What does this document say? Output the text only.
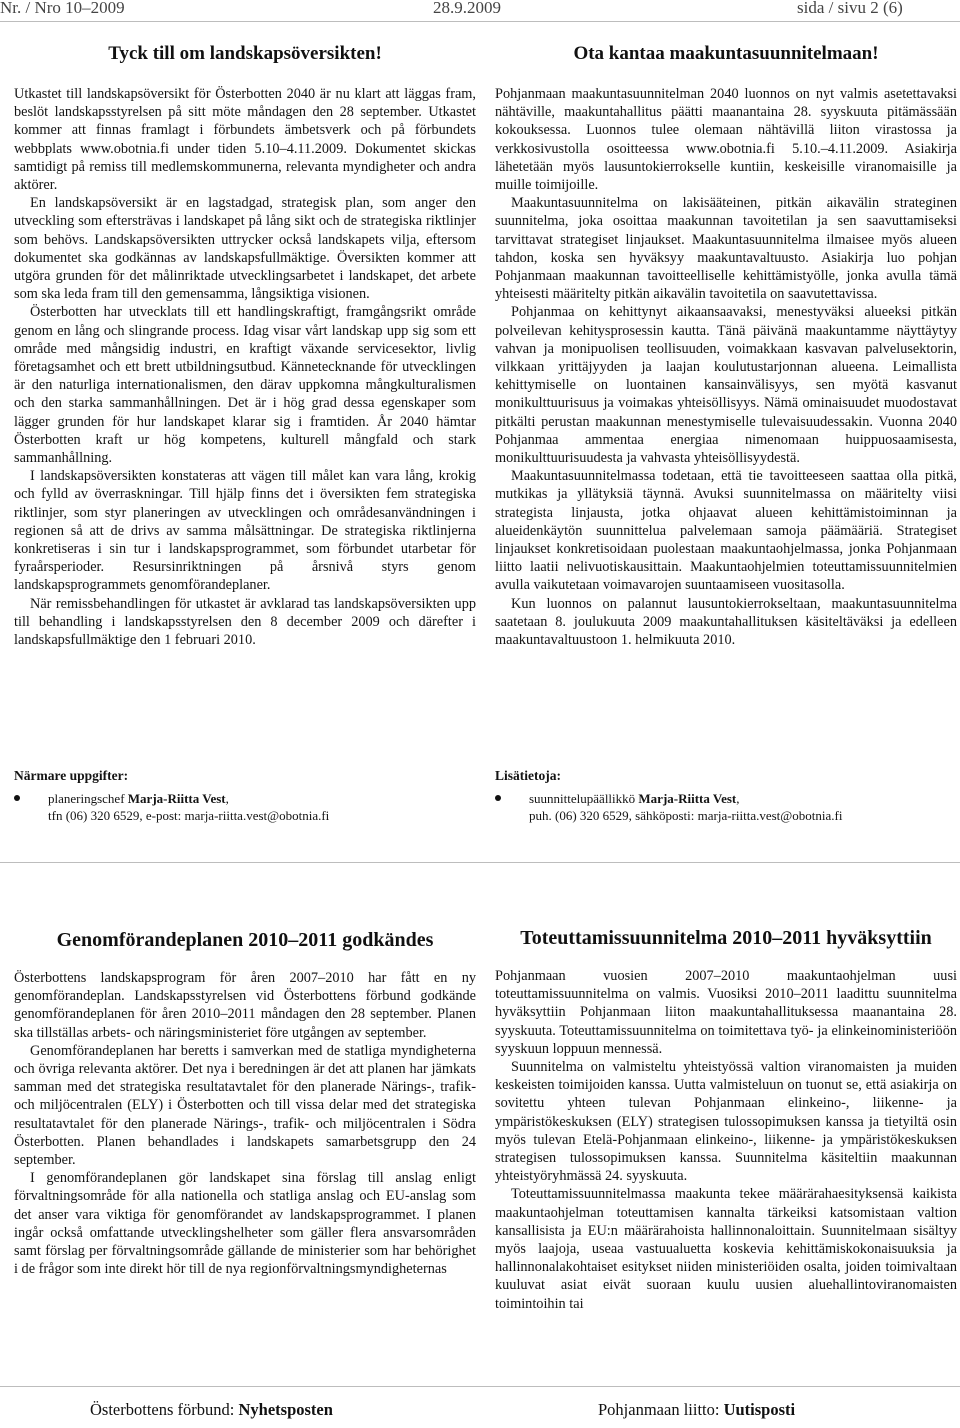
Nr. / Nro 10–2009	28.9.2009	sida / sivu 2 (6)
Tyck till om landskapsöversikten!

Utkastet till landskapsöversikt för Österbotten 2040 är nu klart att läggas fram, beslöt landskapsstyrelsen på sitt möte måndagen den 28 september. Utkastet kommer att finnas framlagt i förbundets ämbetsverk och på förbundets webbplats www.obotnia.fi under tiden 5.10–4.11.2009. Dokumentet skickas samtidigt på remiss till medlemskommunerna, relevanta myndigheter och andra aktörer.

En landskapsöversikt är en lagstadgad, strategisk plan, som anger den utveckling som eftersträvas i landskapet på lång sikt och de strategiska riktlinjer som behövs. Landskapsöversikten uttrycker också landskapets vilja, eftersom dokumentet ska godkännas av landskapsfullmäktige. Översikten kommer att utgöra grunden för det målinriktade utvecklingsarbetet i landskapet, det arbete som ska leda fram till den gemensamma, långsiktiga visionen.

Österbotten har utvecklats till ett handlingskraftigt, framgångsrikt område genom en lång och slingrande process. Idag visar vårt landskap upp sig som ett område med mångsidig industri, en kraftigt växande servicesektor, livlig företagsamhet och ett brett utbildningsutbud. Kännetecknande för utvecklingen är den naturliga internationalismen, den därav uppkomna mångkulturalismen och den starka sammanhållningen. Det är i hög grad dessa egenskaper som lägger grunden för hur landskapet klarar sig i framtiden. År 2040 hämtar Österbotten kraft ur hög kompetens, kulturell mångfald och stark sammanhållning.

I landskapsöversikten konstateras att vägen till målet kan vara lång, krokig och fylld av överraskningar. Till hjälp finns det i översikten fem strategiska riktlinjer, som styr planeringen av utvecklingen och områdesanvändningen i regionen så att de drivs av samma målsättningar. De strategiska riktlinjerna konkretiseras i sin tur i landskapsprogrammet, som förbundet utarbetar för fyraårsperioder. Resursinriktningen på årsnivå styrs genom landskapsprogrammets genomförandeplaner.

När remissbehandlingen för utkastet är avklarad tas landskapsöversikten upp till behandling i landskapsstyrelsen den 8 december 2009 och därefter i landskapsfullmäktige den 1 februari 2010.

Närmare uppgifter:
planeringschef Marja-Riitta Vest,
tfn (06) 320 6529, e-post: marja-riitta.vest@obotnia.fi
Ota kantaa maakuntasuunnitelmaan!

Pohjanmaan maakuntasuunnitelman 2040 luonnos on nyt valmis asetettavaksi nähtäville, maakuntahallitus päätti maanantaina 28. syyskuuta pitämässään kokouksessa. Luonnos tulee olemaan nähtävillä liiton virastossa ja verkkosivustolla osoitteessa www.obotnia.fi 5.10.–4.11.2009. Asiakirja lähetetään myös lausuntokierrokselle kuntiin, keskeisille viranomaisille ja muille toimijoille.

Maakuntasuunnitelma on lakisääteinen, pitkän aikavälin strateginen suunnitelma, joka osoittaa maakunnan tavoitetilan ja sen saavuttamiseksi tarvittavat strategiset linjaukset. Maakuntasuunnitelma ilmaisee myös alueen tahdon, koska sen hyväksyy maakuntavaltuusto. Asiakirja luo pohjan Pohjanmaan maakunnan tavoitteelliselle kehittämistyölle, jonka avulla tämä yhteisesti määritelty pitkän aikavälin tavoitetila on saavutettavissa.

Pohjanmaa on kehittynyt aikaansaavaksi, menestyväksi alueeksi pitkän polveilevan kehitysprosessin kautta. Tänä päivänä maakuntamme näyttäytyy vahvan ja monipuolisen teollisuuden, voimakkaan kasvavan palvelusektorin, vilkkaan yrittäjyyden ja laajan koulutustarjonnan alueena. Leimallista kehittymiselle on luontainen kansainvälisyys, sen myötä kasvanut monikulttuurisuus ja voimakas yhteisöllisyys. Nämä ominaisuudet muodostavat pitkälti perustan maakunnan menestymiselle tulevaisuudessakin. Vuonna 2040 Pohjanmaa ammentaa energiaa nimenomaan huippuosaamisesta, monikulttuurisuudesta ja vahvasta yhteisöllisyydestä.

Maakuntasuunnitelmassa todetaan, että tie tavoitteeseen saattaa olla pitkä, mutkikas ja yllätyksiä täynnä. Avuksi suunnitelmassa on määritelty viisi strategista linjausta, jotka ohjaavat alueen kehittämistoiminnan ja alueidenkäytön suunnittelua palvelemaan samoja päämääriä. Strategiset linjaukset konkretisoidaan puolestaan maakuntaohjelmassa, jonka Pohjanmaan liitto laatii nelivuotiskausittain. Maakuntaohjelmien toteuttamissuunnitelmien avulla vaikutetaan voimavarojen suuntaamiseen vuositasolla.

Kun luonnos on palannut lausuntokierrokseltaan, maakuntasuunnitelma saatetaan 8. joulukuuta 2009 maakuntahallituksen käsiteltäväksi ja edelleen maakuntavaltuustoon 1. helmikuuta 2010.

Lisätietoja:
suunnittelupäällikkö Marja-Riitta Vest,
puh. (06) 320 6529, sähköposti: marja-riitta.vest@obotnia.fi
Genomförandeplanen 2010–2011 godkändes

Österbottens landskapsprogram för åren 2007–2010 har fått en ny genomförandeplan. Landskapsstyrelsen vid Österbottens förbund godkände genomförandeplanen för åren 2010–2011 måndagen den 28 september. Planen ska tillställas arbets- och näringsministeriet före utgången av september.

Genomförandeplanen har beretts i samverkan med de statliga myndigheterna och övriga relevanta aktörer. Det nya i beredningen är det att planen har jämkats samman med det strategiska resultatavtalet för den planerade Närings-, trafik- och miljöcentralen (ELY) i Österbotten och till vissa delar med det strategiska resultatavtalet för den planerade Närings-, trafik- och miljöcentralen i Södra Österbotten. Planen behandlades i landskapets samarbetsgrupp den 24 september.

I genomförandeplanen gör landskapet sina förslag till anslag enligt förvaltningsområde för alla nationella och statliga anslag och EU-anslag som det anser vara viktiga för genomförandet av landskapsprogrammet. I planen ingår också omfattande utvecklingshelheter som gäller flera ansvarsområden samt förslag per förvaltningsområde gällande de ministerier som har behörighet i de frågor som inte direkt hör till de nya regionförvaltningsmyndigheternas

Toteuttamissuunnitelma 2010–2011 hyväksyttiin

Pohjanmaan vuosien 2007–2010 maakuntaohjelman uusi toteuttamissuunnitelma on valmis. Vuosiksi 2010–2011 laadittu suunnitelma hyväksyttiin Pohjanmaan liiton maakuntahallituksessa maanantaina 28. syyskuuta. Toteuttamissuunnitelma on toimitettava työ- ja elinkeinoministeriöön syyskuun loppuun mennessä.

Suunnitelma on valmisteltu yhteistyössä valtion viranomaisten ja muiden keskeisten toimijoiden kanssa. Uutta valmisteluun on tuonut se, että asiakirja on sovitettu yhteen tulevan Pohjanmaan elinkeino-, liikenne- ja ympäristökeskuksen (ELY) strategisen tulossopimuksen kanssa ja tietyiltä osin myös tulevan Etelä-Pohjanmaan elinkeino-, liikenne- ja ympäristökeskuksen strategisen tulossopimuksen kanssa. Suunnitelma käsiteltiin maakunnan yhteistyöryhmässä 24. syyskuuta.

Toteuttamissuunnitelmassa maakunta tekee määrärahaesityksensä kaikista maakuntaohjelman toteuttamisen kannalta tärkeiksi katsomistaan valtion kansallisista ja EU:n määrärahoista hallinnonaloittain. Suunnitelmaan sisältyy myös laajoja, useaa vastuualuetta koskevia kehittämiskokonaisuuksia ja hallinnonalakohtaiset esitykset niiden ministeriöiden osalta, joiden toimivaltaan kuuluvat asiat eivät suoraan kuulu uusien aluehallintoviranomaisten toimintoihin tai

Österbottens förbund: Nyhetsposten	Pohjanmaan liitto: Uutisposti
